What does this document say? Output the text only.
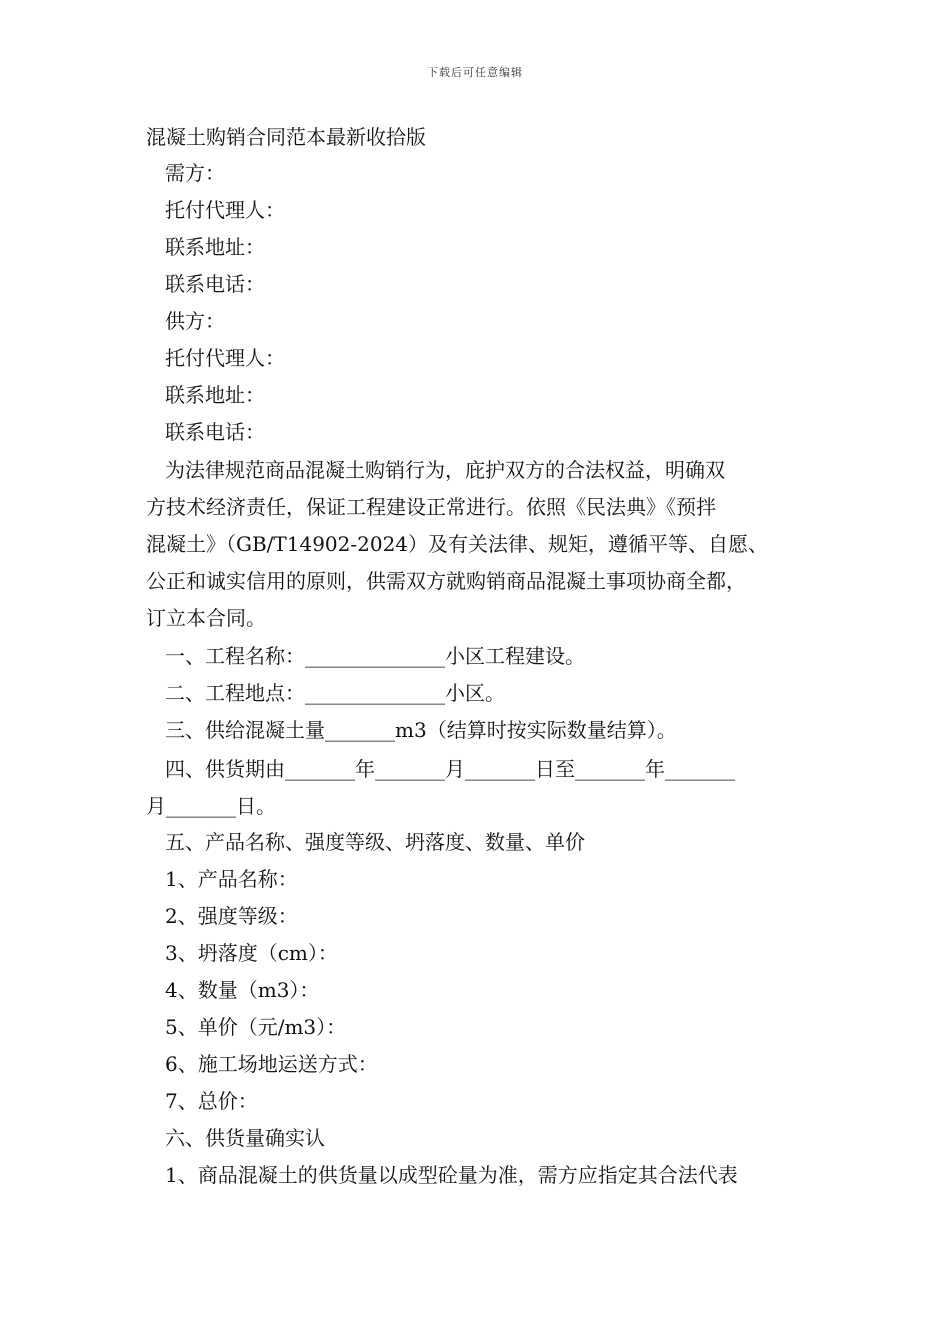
下载后可任意编辑
混凝土购销合同范本最新收拾版
需方：
托付代理人：
联系地址：
联系电话：
供方：
托付代理人：
联系地址：
联系电话：
为法律规范商品混凝土购销行为，庇护双方的合法权益，明确双
方技术经济责任，保证工程建设正常进行。依照《民法典》《预拌
混凝土》（GB/T14902-2024）及有关法律、规矩，遵循平等、自愿、
公正和诚实信用的原则，供需双方就购销商品混凝土事项协商全都，
订立本合同。
一、工程名称：______________小区工程建设。
二、工程地点：______________小区。
三、供给混凝土量_______m3（结算时按实际数量结算）。
四、供货期由_______年_______月_______日至_______年_______
月_______日。
五、产品名称、强度等级、坍落度、数量、单价
1、产品名称：
2、强度等级：
3、坍落度（cm）：
4、数量（m3）：
5、单价（元/m3）：
6、施工场地运送方式：
7、总价：
六、供货量确实认
1、商品混凝土的供货量以成型砼量为准，需方应指定其合法代表
